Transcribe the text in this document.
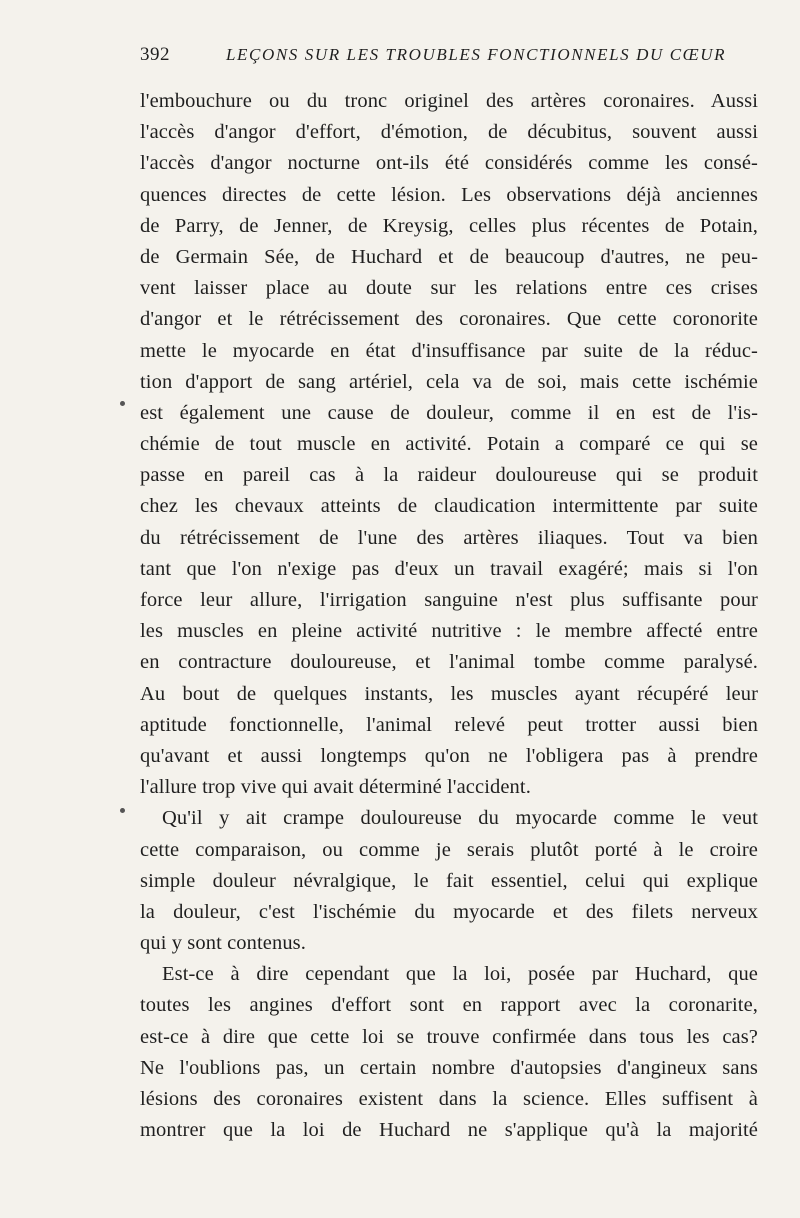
392	LEÇONS SUR LES TROUBLES FONCTIONNELS DU CŒUR
l'embouchure ou du tronc originel des artères coronaires. Aussi
l'accès d'angor d'effort, d'émotion, de décubitus, souvent aussi
l'accès d'angor nocturne ont-ils été considérés comme les consé-
quences directes de cette lésion. Les observations déjà anciennes
de Parry, de Jenner, de Kreysig, celles plus récentes de Potain,
de Germain Sée, de Huchard et de beaucoup d'autres, ne peu-
vent laisser place au doute sur les relations entre ces crises
d'angor et le rétrécissement des coronaires. Que cette coronorite
mette le myocarde en état d'insuffisance par suite de la réduc-
tion d'apport de sang artériel, cela va de soi, mais cette ischémie
est également une cause de douleur, comme il en est de l'is-
chémie de tout muscle en activité. Potain a comparé ce qui se
passe en pareil cas à la raideur douloureuse qui se produit
chez les chevaux atteints de claudication intermittente par suite
du rétrécissement de l'une des artères iliaques. Tout va bien
tant que l'on n'exige pas d'eux un travail exagéré; mais si l'on
force leur allure, l'irrigation sanguine n'est plus suffisante pour
les muscles en pleine activité nutritive : le membre affecté entre
en contracture douloureuse, et l'animal tombe comme paralysé.
Au bout de quelques instants, les muscles ayant récupéré leur
aptitude fonctionnelle, l'animal relevé peut trotter aussi bien
qu'avant et aussi longtemps qu'on ne l'obligera pas à prendre
l'allure trop vive qui avait déterminé l'accident.
Qu'il y ait crampe douloureuse du myocarde comme le veut
cette comparaison, ou comme je serais plutôt porté à le croire
simple douleur névralgique, le fait essentiel, celui qui explique
la douleur, c'est l'ischémie du myocarde et des filets nerveux
qui y sont contenus.
Est-ce à dire cependant que la loi, posée par Huchard, que
toutes les angines d'effort sont en rapport avec la coronarite,
est-ce à dire que cette loi se trouve confirmée dans tous les cas?
Ne l'oublions pas, un certain nombre d'autopsies d'angineux sans
lésions des coronaires existent dans la science. Elles suffisent à
montrer que la loi de Huchard ne s'applique qu'à la majorité
